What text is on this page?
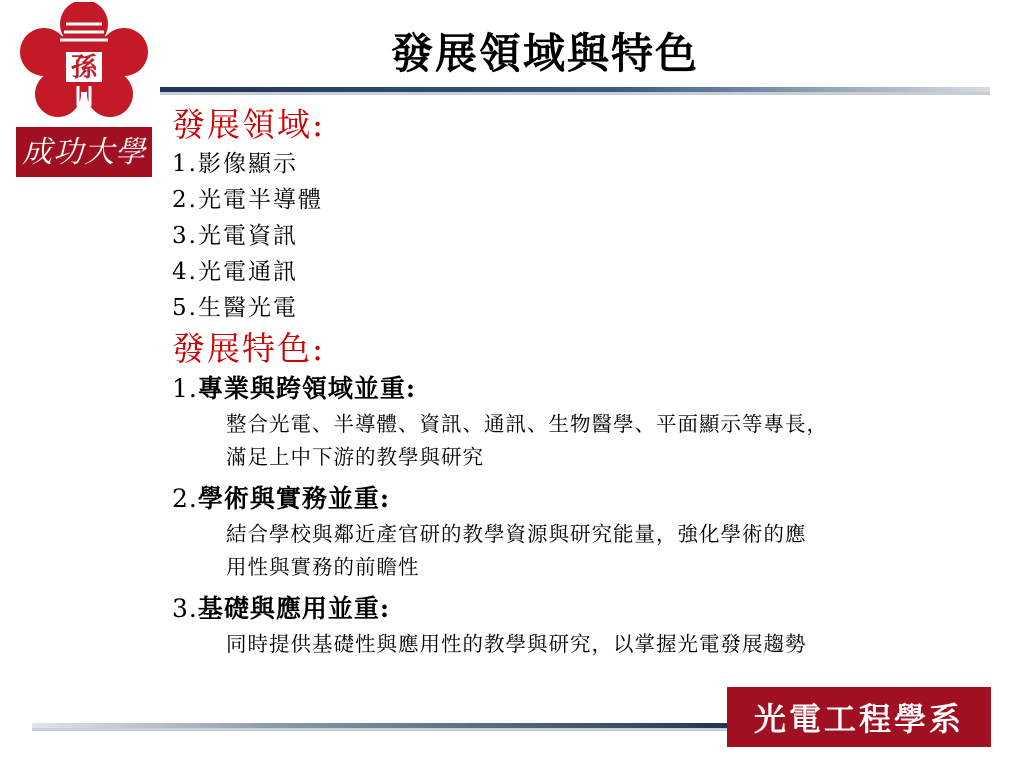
孫
成功大學
發展領域與特色
發展領域:
1.影像顯示
2.光電半導體
3.光電資訊
4.光電通訊
5.生醫光電
發展特色:
1.專業與跨領域並重:
整合光電、半導體、資訊、通訊、生物醫學、平面顯示等專長，
滿足上中下游的教學與研究
2.學術與實務並重:
結合學校與鄰近產官研的教學資源與研究能量，強化學術的應
用性與實務的前瞻性
3.基礎與應用並重:
同時提供基礎性與應用性的教學與研究，以掌握光電發展趨勢
光電工程學系
